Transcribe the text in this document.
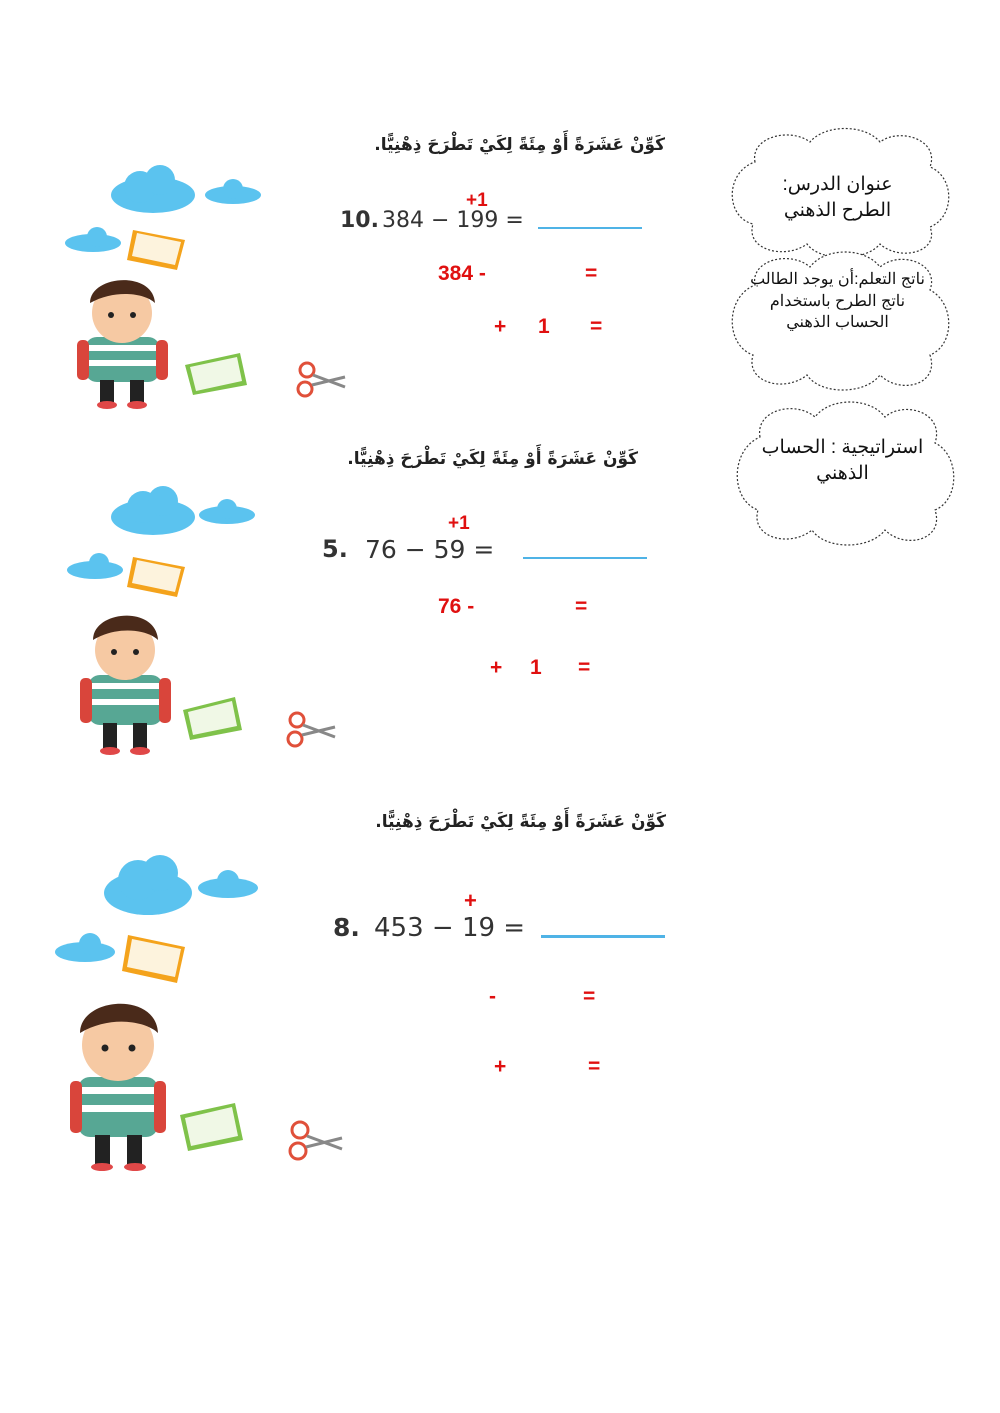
عنوان الدرس:
الطرح الذهني
ناتج التعلم:أن يوجد الطالب
ناتج الطرح باستخدام
الحساب الذهني
استراتيجية : الحساب
الذهني
كَوِّنْ عَشَرَةً أَوْ مِئَةً لِكَيْ تَطْرَحَ ذِهْنِيًّا.
+1
10. 384 − 199 =
384 -	=
+ 1 =
كَوِّنْ عَشَرَةً أَوْ مِئَةً لِكَيْ تَطْرَحَ ذِهْنِيًّا.
+1
5. 76 − 59 =
76 -	=
+ 1 =
كَوِّنْ عَشَرَةً أَوْ مِئَةً لِكَيْ تَطْرَحَ ذِهْنِيًّا.
+
8. 453 − 19 =
-	=
+	=
